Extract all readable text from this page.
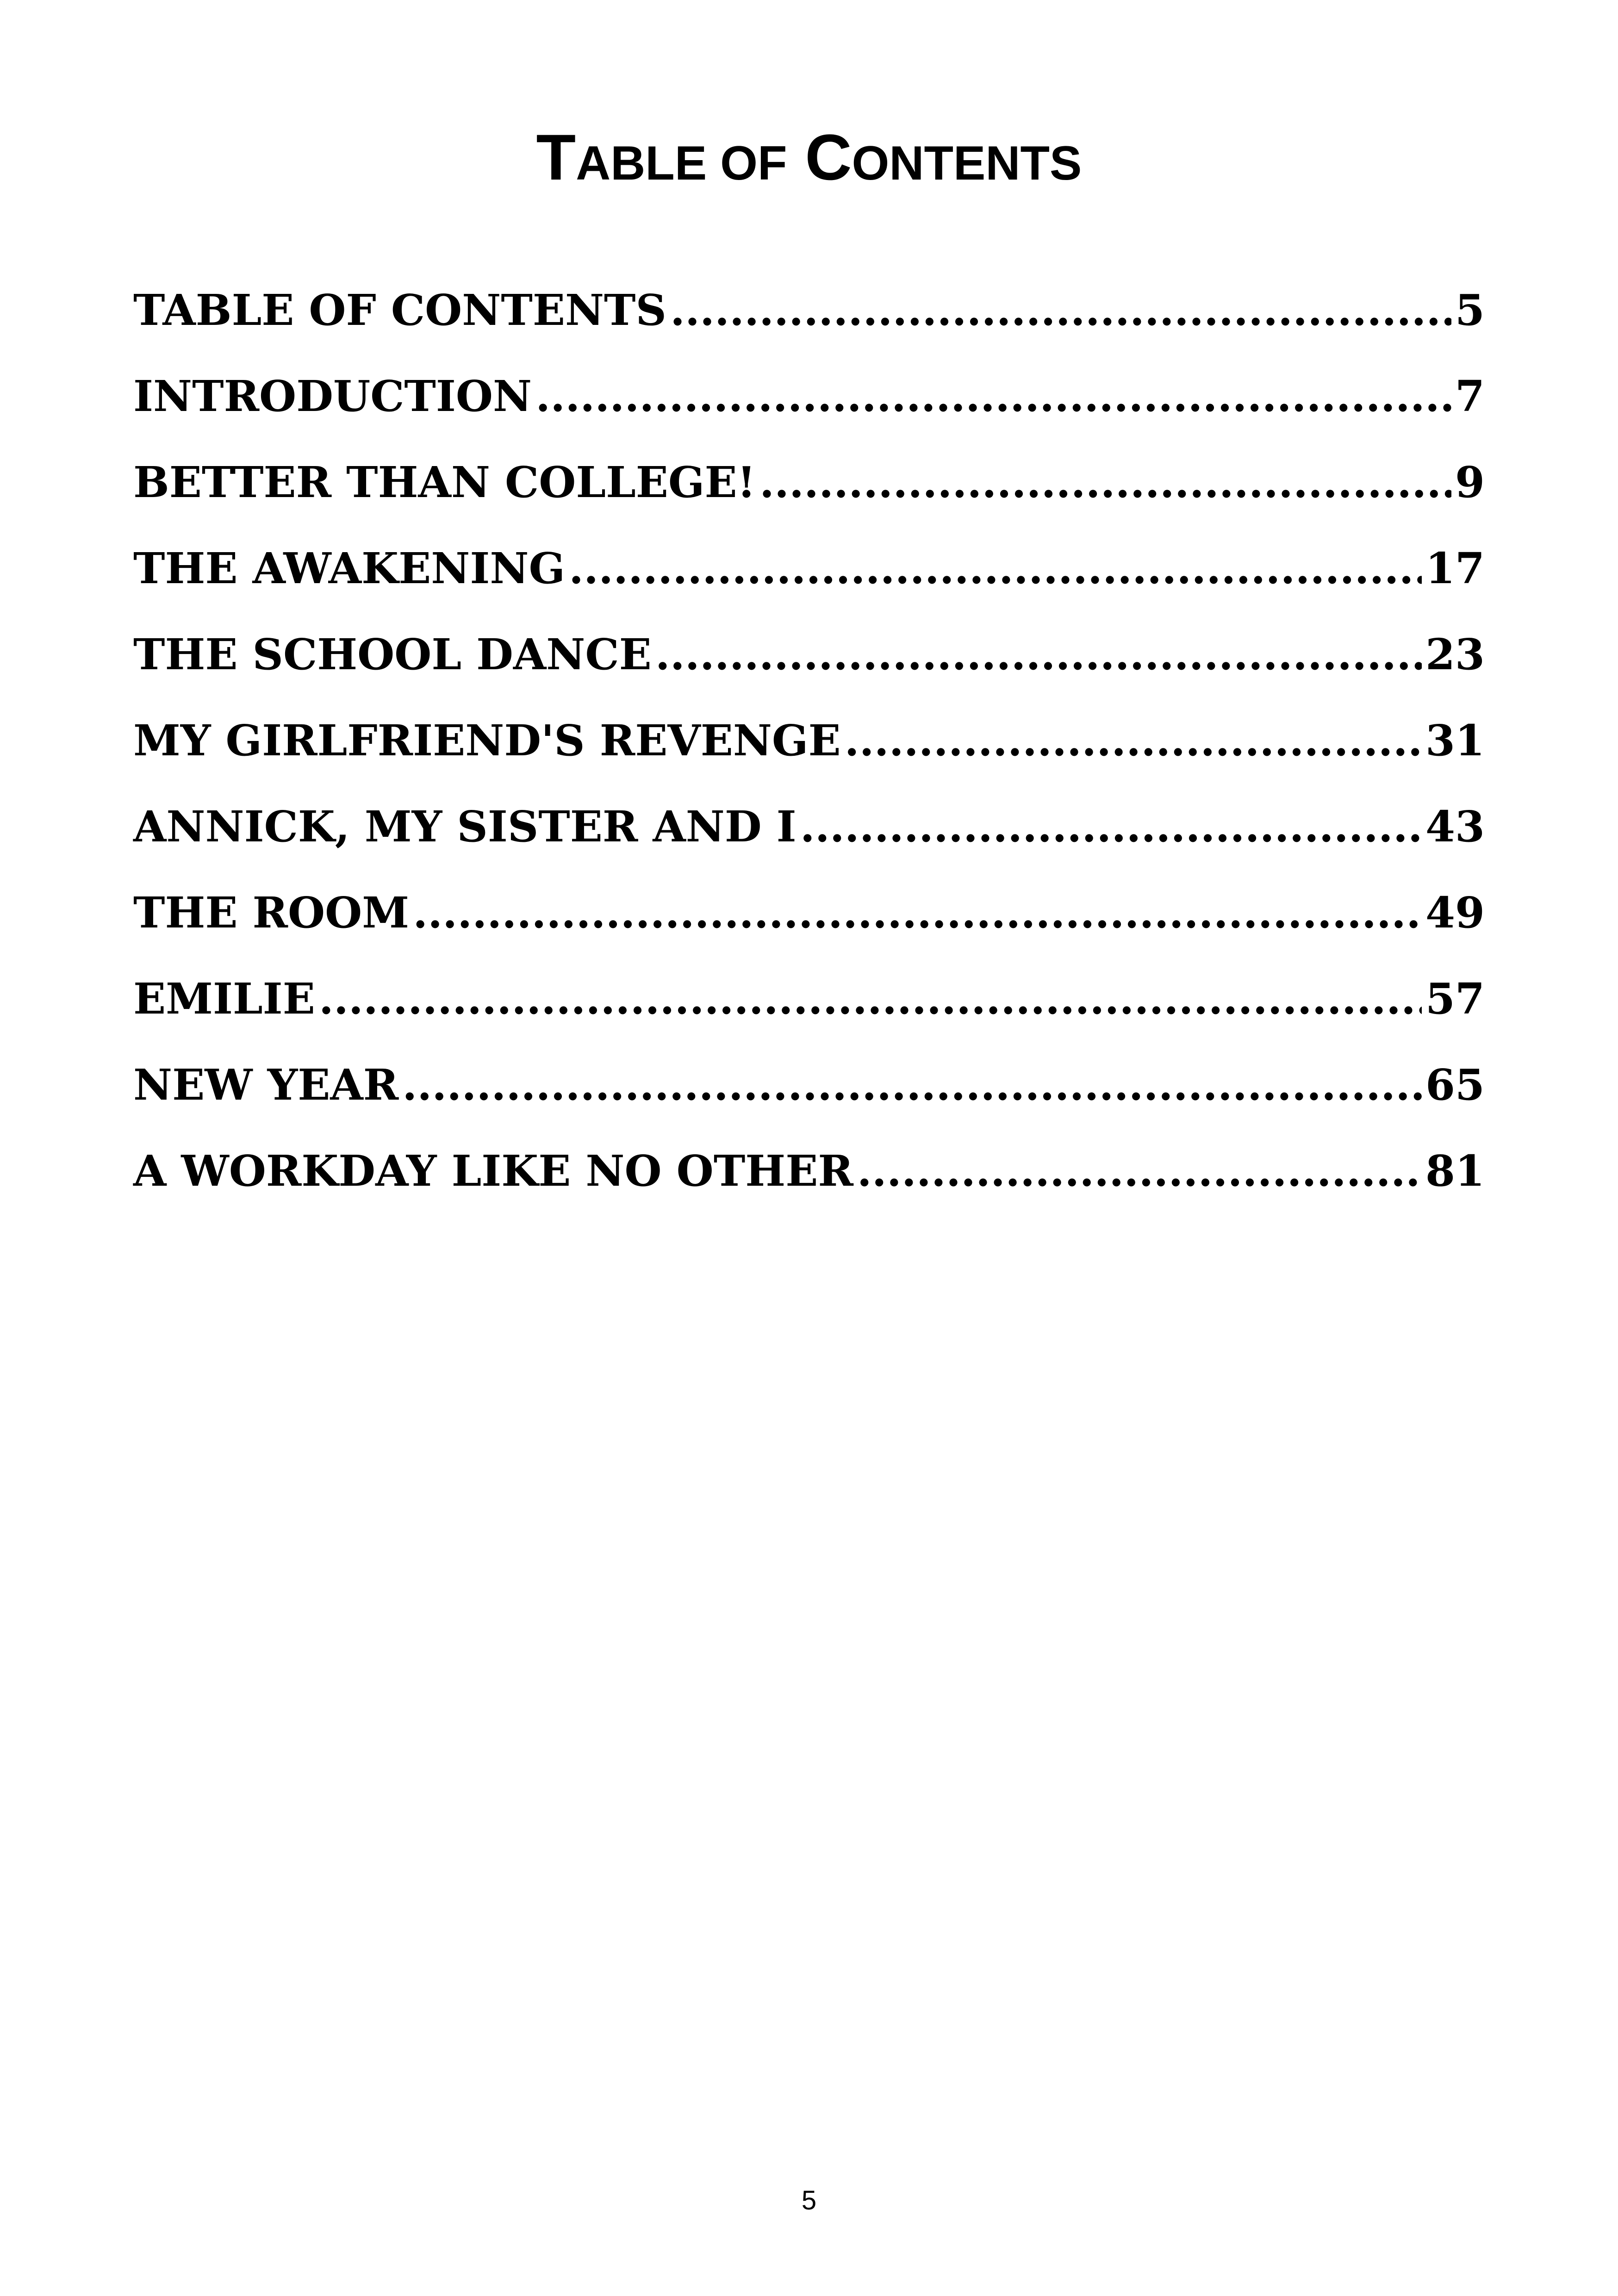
TABLE OF CONTENTS
TABLE OF CONTENTS .....	5
INTRODUCTION .....	7
BETTER THAN COLLEGE! .....	9
THE AWAKENING .....	17
THE SCHOOL DANCE .....	23
MY GIRLFRIEND'S REVENGE .....	31
ANNICK, MY SISTER AND I .....	43
THE ROOM .....	49
EMILIE .....	57
NEW YEAR .....	65
A WORKDAY LIKE NO OTHER .....	81
5
